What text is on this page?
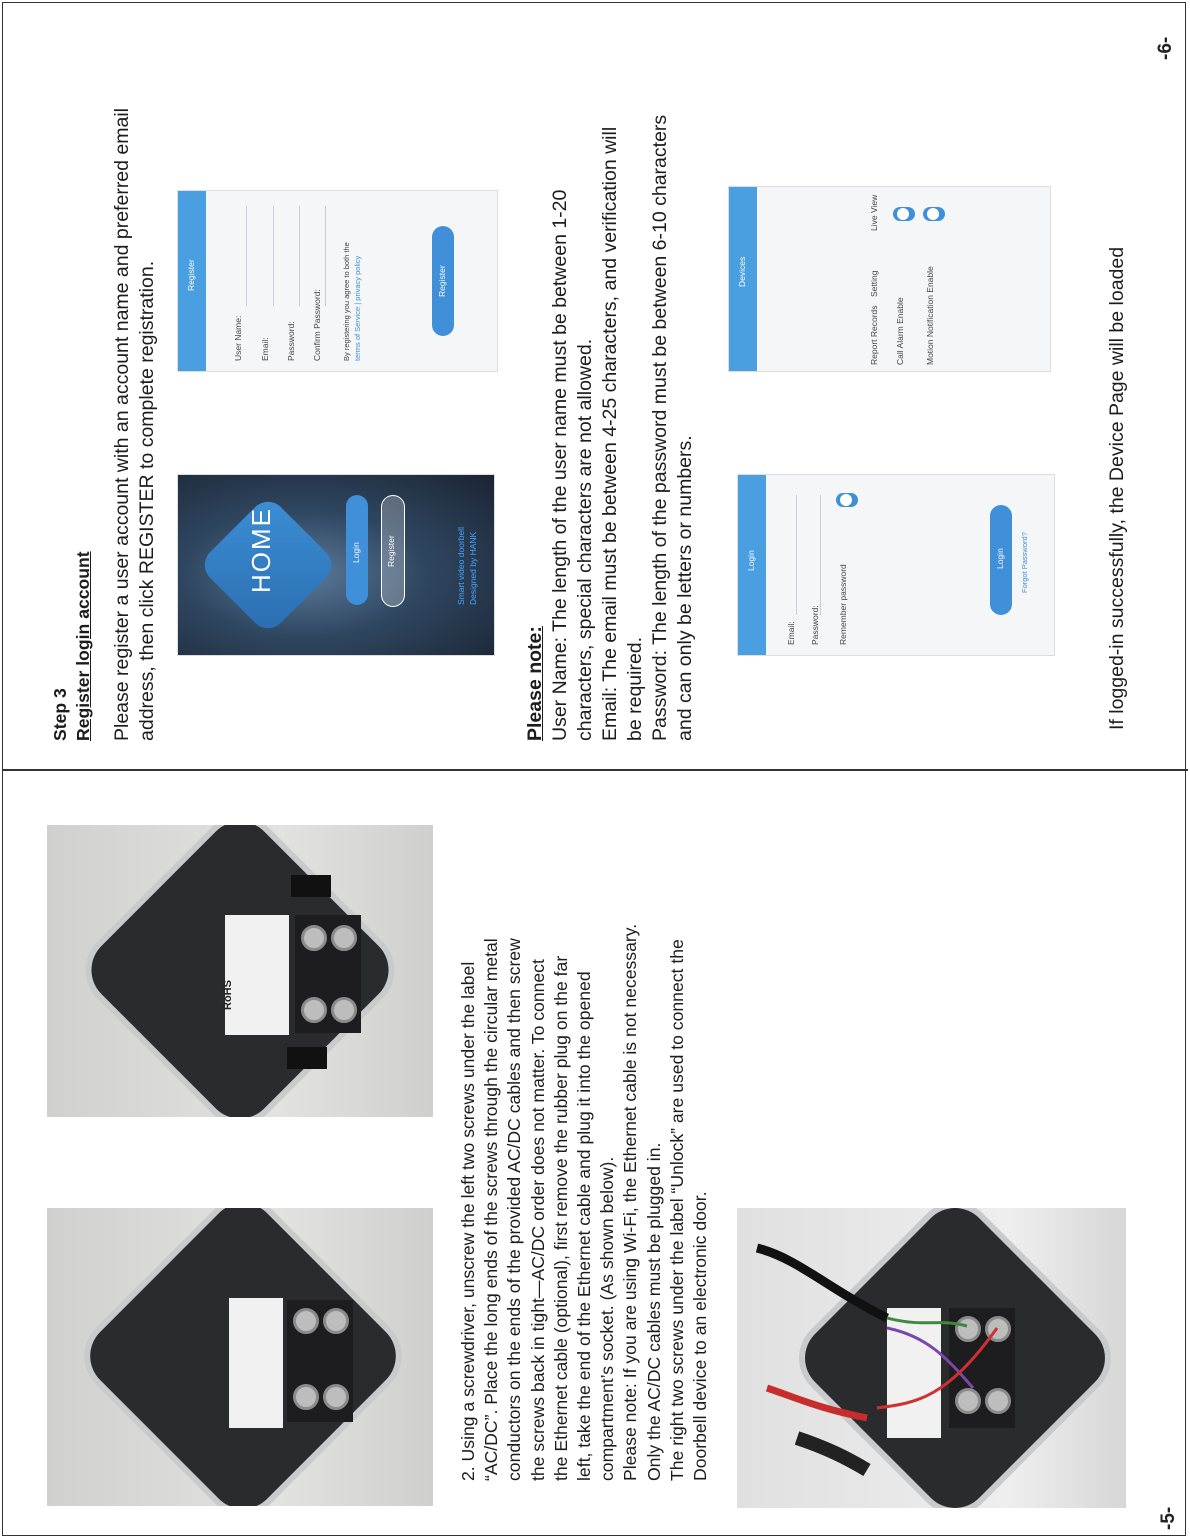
-5-
RoHS	2. Using a screwdriver, unscrew the left two screws under the label “AC/DC”. Place the long ends of the screws through the circular metal conductors on the ends of the provided AC/DC cables and then screw the screws back in tight—AC/DC order does not matter. To connect the Ethernet cable (optional), first remove the rubber plug on the far left, take the end of the Ethernet cable and plug it into the opened compartment’s socket. (As shown below). Please note: If you are using Wi-Fi, the Ethernet cable is not necessary. Only the AC/DC cables must be plugged in. The right two screws under the label “Unlock” are used to connect the Doorbell device to an electronic door.
-6-
Step 3 Register login account Please register a user account with an account name and preferred email address, then click REGISTER to complete registration.	Please note: User Name: The length of the user name must be between 1-20 characters, special characters are not allowed. Email: The email must be between 4-25 characters, and verification will be required. Password: The length of the password must be between 6-10 characters and can only be letters or numbers.	If logged-in successfully, the Device Page will be loaded
HOME	Login	Register	Smart video doorbell Designed by HANK
Register
User Name: Email: Password: Confirm Password:	By registering you agree to both the terms of Service | privacy policy	Register
Login
Email: Password: Remember password
Login Forgot Password?
Devices
Report Records
Setting
Live View
Call Alarm Enable Motion Notification Enable
